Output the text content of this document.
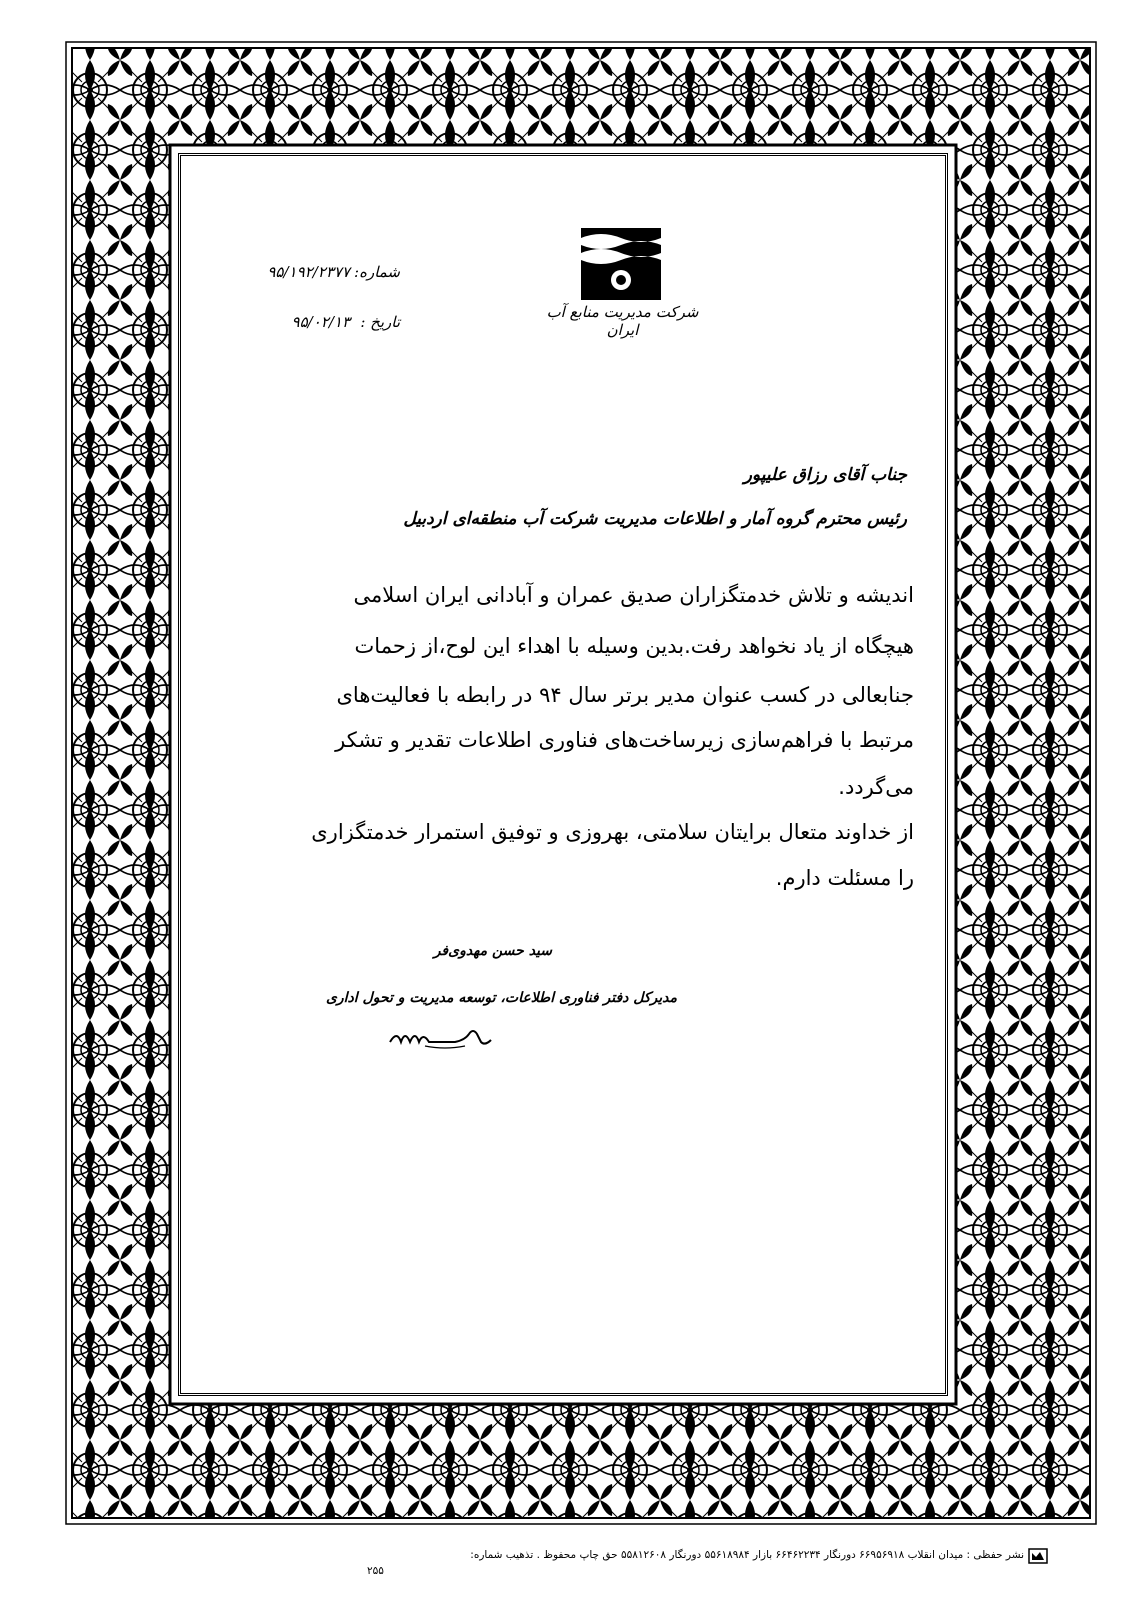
شماره:
۹۵/۱۹۲/۲۳۷۷
تاریخ :
۹۵/۰۲/۱۳
شرکت مدیریت منابع آب ایران
جناب آقای رزاق علیپور
رئیس محترم گروه آمار و اطلاعات مدیریت شرکت آب منطقه‌ای اردبیل
اندیشه و تلاش خدمتگزاران صدیق عمران و آبادانی ایران اسلامی
هیچگاه از یاد نخواهد رفت.بدین وسیله با اهداء این لوح،از زحمات
جنابعالی در کسب عنوان مدیر برتر سال ۹۴ در رابطه با فعالیت‌های
مرتبط با فراهم‌سازی زیرساخت‌های فناوری اطلاعات تقدیر و تشکر
می‌گردد.
از خداوند متعال برایتان سلامتی، بهروزی و توفیق استمرار خدمتگزاری
را مسئلت دارم.
سید حسن مهدوی‌فر
مدیرکل دفتر فناوری اطلاعات، توسعه مدیریت و تحول اداری
نشر حفظی : میدان انقلاب ۶۶۹۵۶۹۱۸ دورنگار ۶۶۴۶۲۲۳۴ بازار ۵۵۶۱۸۹۸۴ دورنگار ۵۵۸۱۲۶۰۸ حق چاپ محفوظ . تذهیب شماره:
۲۵۵
